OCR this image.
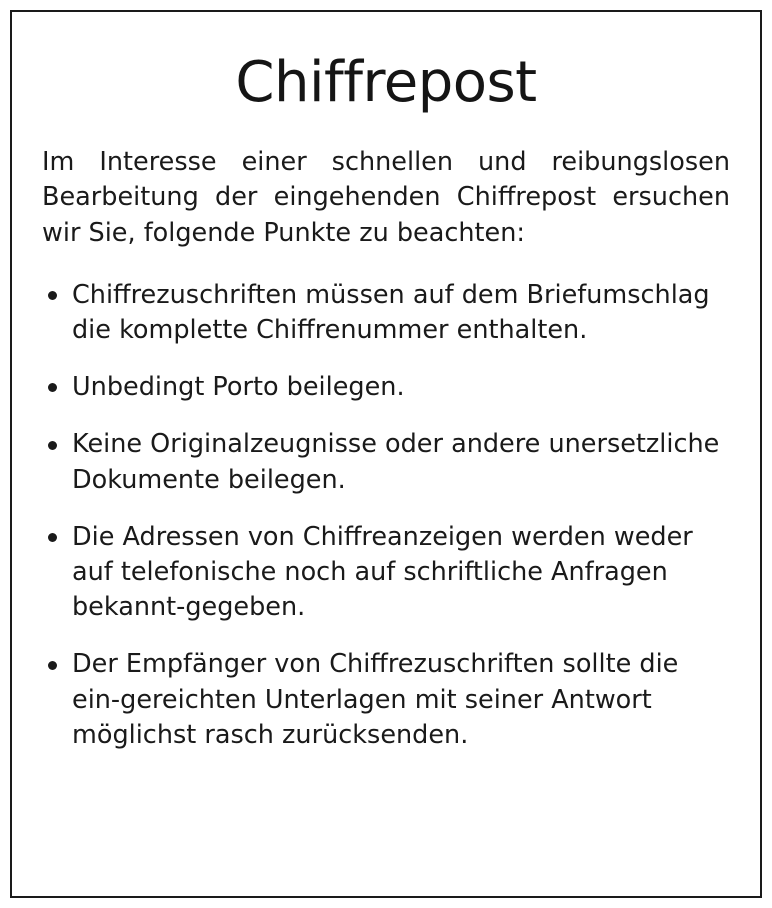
Chiffrepost

Im Interesse einer schnellen und reibungslosen Bearbeitung der eingehenden Chiffrepost ersuchen wir Sie, folgende Punkte zu beachten:

Chiffrezuschriften müssen auf dem Briefumschlag die komplette Chiffrenummer enthalten.
Unbedingt Porto beilegen.
Keine Originalzeugnisse oder andere unersetzliche Dokumente beilegen.
Die Adressen von Chiffreanzeigen werden weder auf telefonische noch auf schriftliche Anfragen bekannt-gegeben.
Der Empfänger von Chiffrezuschriften sollte die ein-gereichten Unterlagen mit seiner Antwort möglichst rasch zurücksenden.
